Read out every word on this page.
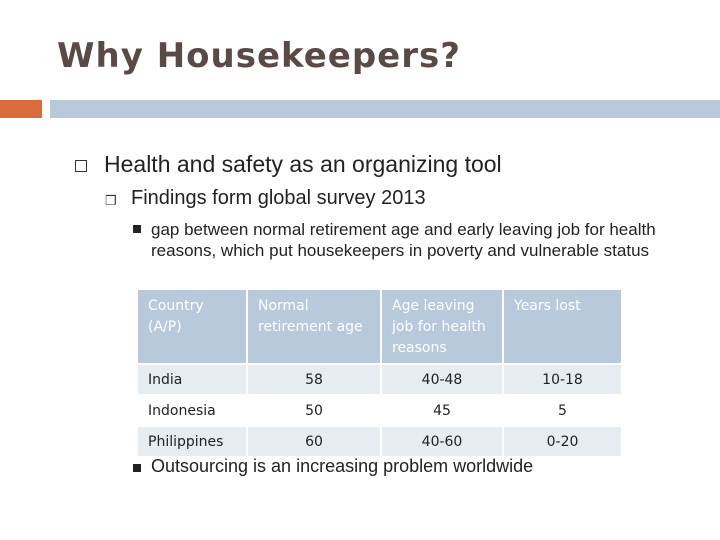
Why Housekeepers?
Health and safety as an organizing tool
❒ Findings form global survey 2013
gap between normal retirement age and early leaving job for health reasons, which put housekeepers in poverty and vulnerable status
Country (A/P)	Normal retirement age	Age leaving job for health reasons	Years lost
India	58	40-48	10-18
Indonesia	50	45	5
Philippines	60	40-60	0-20
Outsourcing is an increasing problem worldwide
